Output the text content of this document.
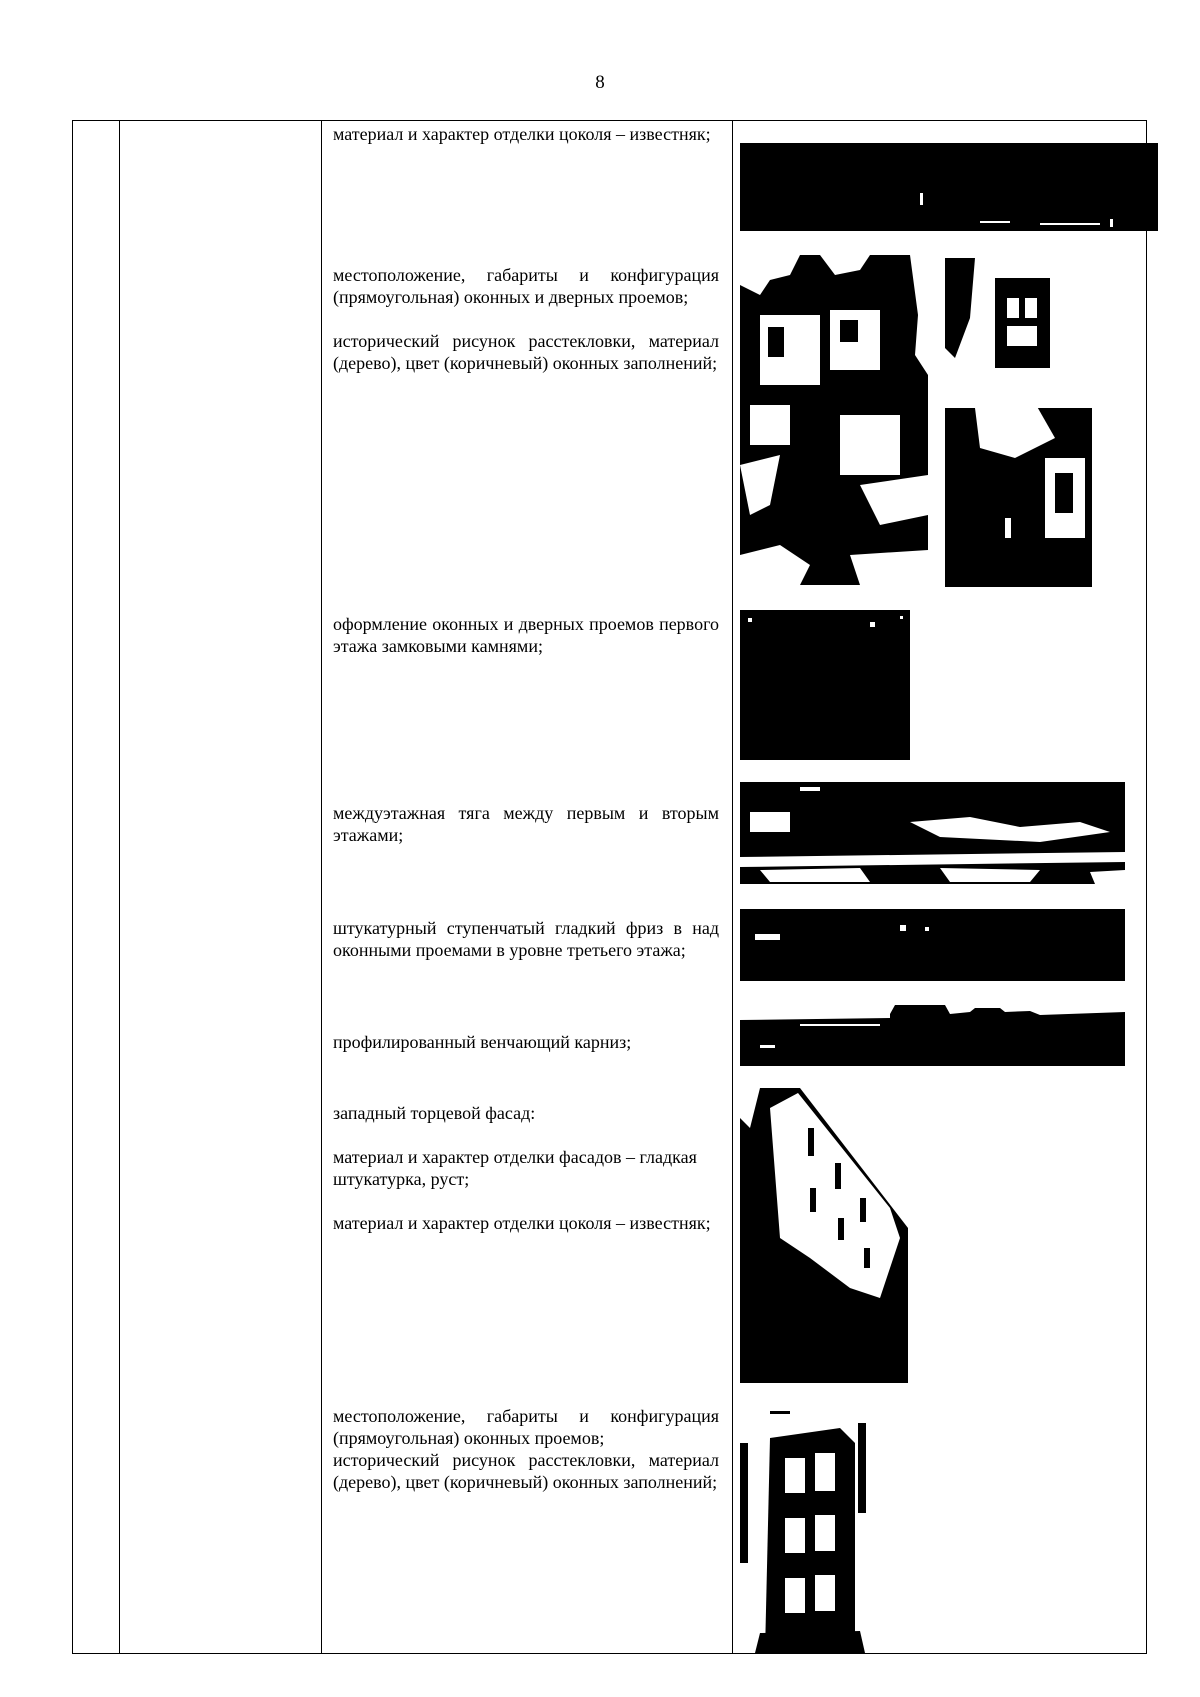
8

материал и характер отделки цоколя – известняк;

местоположение, габариты и конфигурация (прямоугольная) оконных и дверных проемов;

исторический рисунок расстекловки, материал (дерево), цвет (коричневый) оконных заполнений;

оформление оконных и дверных проемов первого этажа замковыми камнями;

междуэтажная тяга между первым и вторым этажами;

штукатурный ступенчатый гладкий фриз в над оконными проемами в уровне третьего этажа;

профилированный венчающий карниз;

западный торцевой фасад:

материал и характер отделки фасадов – гладкая штукатурка, руст;

материал и характер отделки цоколя – известняк;

местоположение, габариты и конфигурация (прямоугольная) оконных проемов;

исторический рисунок расстекловки, материал (дерево), цвет (коричневый) оконных заполнений;
